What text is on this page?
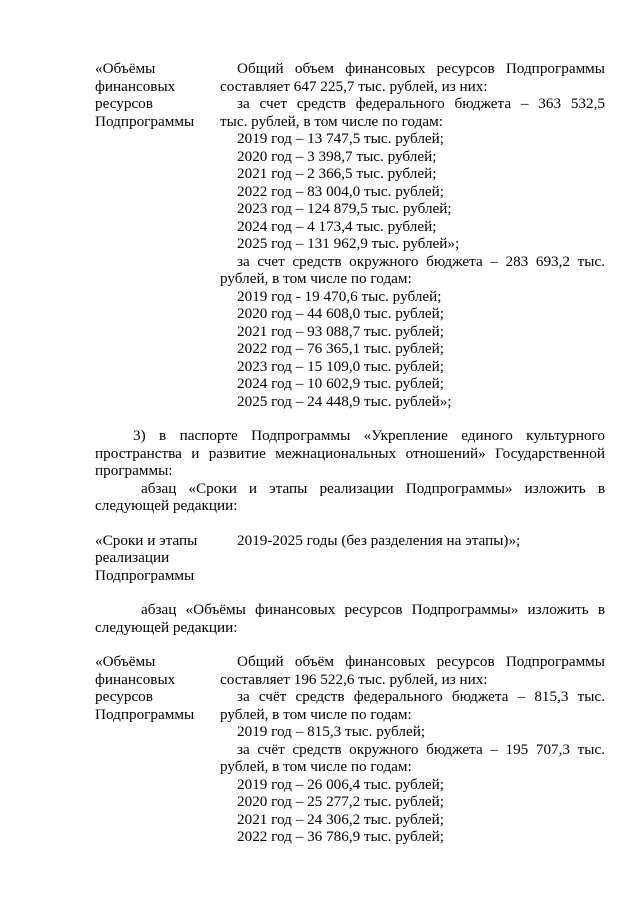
«Объёмы
финансовых
ресурсов
Подпрограммы
Общий объем финансовых ресурсов Подпрограммы
составляет 647 225,7 тыс. рублей, из них:
за счет средств федерального бюджета – 363 532,5
тыс. рублей, в том числе по годам:
2019 год – 13 747,5 тыс. рублей;
2020 год – 3 398,7 тыс. рублей;
2021 год – 2 366,5 тыс. рублей;
2022 год – 83 004,0 тыс. рублей;
2023 год – 124 879,5 тыс. рублей;
2024 год – 4 173,4 тыс. рублей;
2025 год – 131 962,9 тыс. рублей»;
за счет средств окружного бюджета – 283 693,2 тыс.
рублей, в том числе по годам:
2019 год - 19 470,6 тыс. рублей;
2020 год – 44 608,0 тыс. рублей;
2021 год – 93 088,7 тыс. рублей;
2022 год – 76 365,1 тыс. рублей;
2023 год – 15 109,0 тыс. рублей;
2024 год – 10 602,9 тыс. рублей;
2025 год – 24 448,9 тыс. рублей»;
3) в паспорте Подпрограммы «Укрепление единого культурного
пространства и развитие межнациональных отношений» Государственной
программы:
абзац «Сроки и этапы реализации Подпрограммы» изложить в
следующей редакции:
«Сроки и этапы
реализации
Подпрограммы
2019-2025 годы (без разделения на этапы)»;
абзац «Объёмы финансовых ресурсов Подпрограммы» изложить в
следующей редакции:
«Объёмы
финансовых
ресурсов
Подпрограммы
Общий объём финансовых ресурсов Подпрограммы
составляет 196 522,6 тыс. рублей, из них:
за счёт средств федерального бюджета – 815,3 тыс.
рублей, в том числе по годам:
2019 год – 815,3 тыс. рублей;
за счёт средств окружного бюджета – 195 707,3 тыс.
рублей, в том числе по годам:
2019 год – 26 006,4 тыс. рублей;
2020 год – 25 277,2 тыс. рублей;
2021 год – 24 306,2 тыс. рублей;
2022 год – 36 786,9 тыс. рублей;
